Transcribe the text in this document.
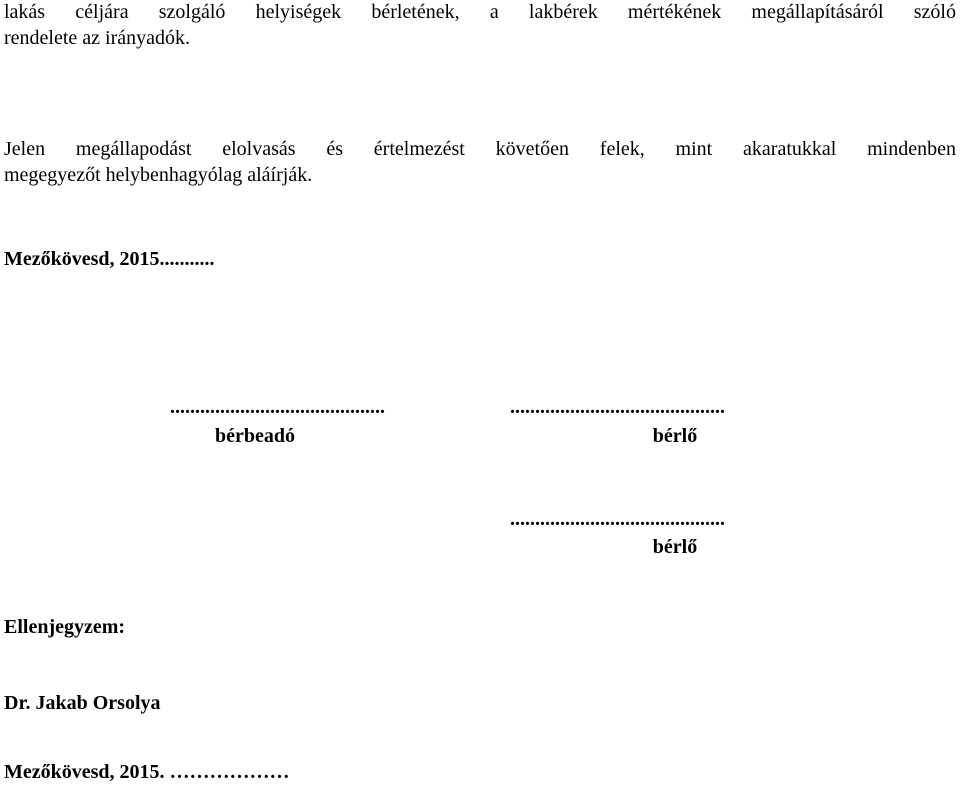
lakás céljára szolgáló helyiségek bérletének, a lakbérek mértékének megállapításáról szóló
rendelete az irányadók.
Jelen megállapodást elolvasás és értelmezést követően felek, mint akaratukkal mindenben
megegyezőt helybenhagyólag aláírják.
Mezőkövesd, 2015...........
...........................................
bérbeadó
...........................................
bérlő
...........................................
bérlő
Ellenjegyzem:
Dr. Jakab Orsolya
Mezőkövesd, 2015. ………………
